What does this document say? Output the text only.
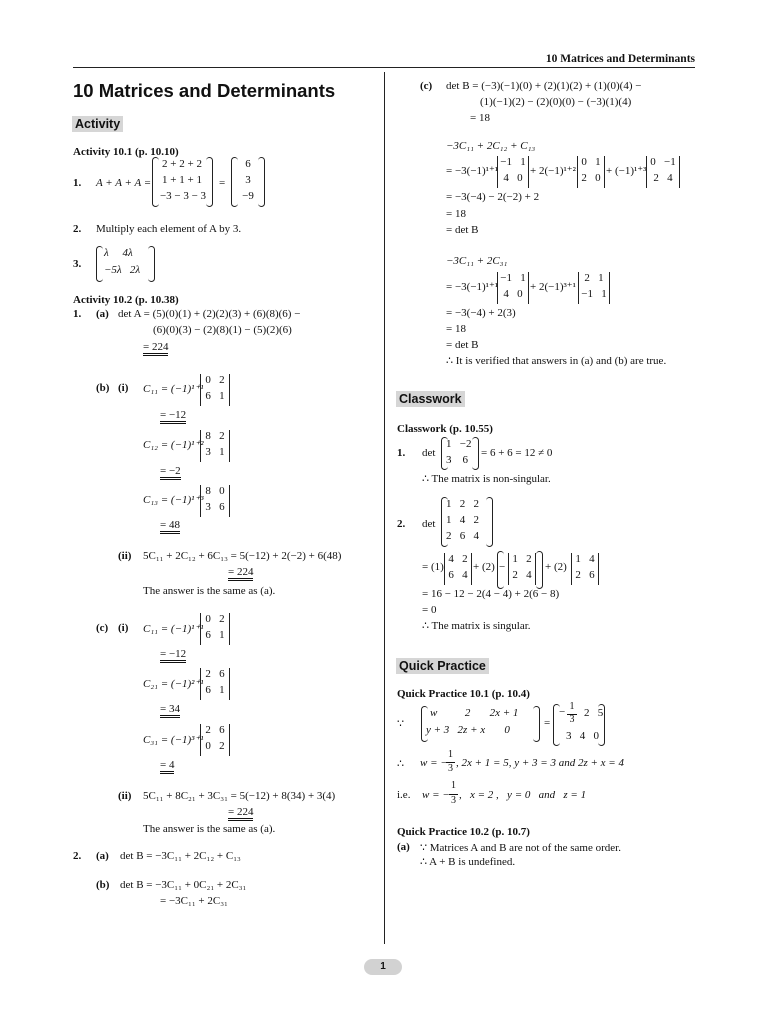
10 Matrices and Determinants
10 Matrices and Determinants
Activity
Activity 10.1 (p. 10.10)
1. A + A + A =
2 + 2 + 2
1 + 1 + 1
−3 − 3 − 3
=
6
3
−9
2. Multiply each element of A by 3.
3.
λ     4λ
−5λ   2λ
Activity 10.2 (p. 10.38)
1. (a) det A = (5)(0)(1) + (2)(2)(3) + (6)(8)(6) −
(6)(0)(3) − (2)(8)(1) − (5)(2)(6)
= 224
(b) (i) C₁₁ = (−1)¹⁺¹
0   2
6   1
= −12
C₁₂ = (−1)¹⁺²
8   2
3   1
= −2
C₁₃ = (−1)¹⁺³
8   0
3   6
= 48
(ii) 5C₁₁ + 2C₁₂ + 6C₁₃ = 5(−12) + 2(−2) + 6(48)
= 224
The answer is the same as (a).
(c) (i) C₁₁ = (−1)¹⁺¹
0   2
6   1
= −12
C₂₁ = (−1)²⁺¹
2   6
6   1
= 34
C₃₁ = (−1)³⁺¹
2   6
0   2
= 4
(ii) 5C₁₁ + 8C₂₁ + 3C₃₁ = 5(−12) + 8(34) + 3(4)
= 224
The answer is the same as (a).
2. (a) det B = −3C₁₁ + 2C₁₂ + C₁₃
(b) det B = −3C₁₁ + 0C₂₁ + 2C₃₁
= −3C₁₁ + 2C₃₁
(c) det B = (−3)(−1)(0) + (2)(1)(2) + (1)(0)(4) −
(1)(−1)(2) − (2)(0)(0) − (−3)(1)(4)
= 18
−3C₁₁ + 2C₁₂ + C₁₃
= −3(−1)¹⁺¹
−1   1
4   0
+ 2(−1)¹⁺²
0   1
2   0
+ (−1)¹⁺³
0   −1
2   4
= −3(−4) − 2(−2) + 2
= 18
= det B
−3C₁₁ + 2C₃₁
= −3(−1)¹⁺¹
−1   1
4   0
+ 2(−1)³⁺¹
2   1
−1   1
= −3(−4) + 2(3)
= 18
= det B
∴ It is verified that answers in (a) and (b) are true.
Classwork
Classwork (p. 10.55)
1. det
1   −2
3    6
= 6 + 6 = 12 ≠ 0
∴ The matrix is non-singular.
2. det
1   2   2
1   4   2
2   6   4
= (1)
4   2
6   4
+ (2) −
1   2
2   4
+ (2)
1   4
2   6
= 16 − 12 − 2(4 − 4) + 2(6 − 8)
= 0
∴ The matrix is singular.
Quick Practice
Quick Practice 10.1 (p. 10.4)
∵
w          2       2x + 1
y + 3   2z + x       0
=
− 1
3
2   5
3   4   0
∴ w = −
1
3 , 2x + 1 = 5, y + 3 = 3 and 2z + x = 4
i.e. w = −
1
3 ,   x = 2 ,   y = 0   and   z = 1
Quick Practice 10.2 (p. 10.7)
(a) ∵ Matrices A and B are not of the same order.
∴ A + B is undefined.
1
